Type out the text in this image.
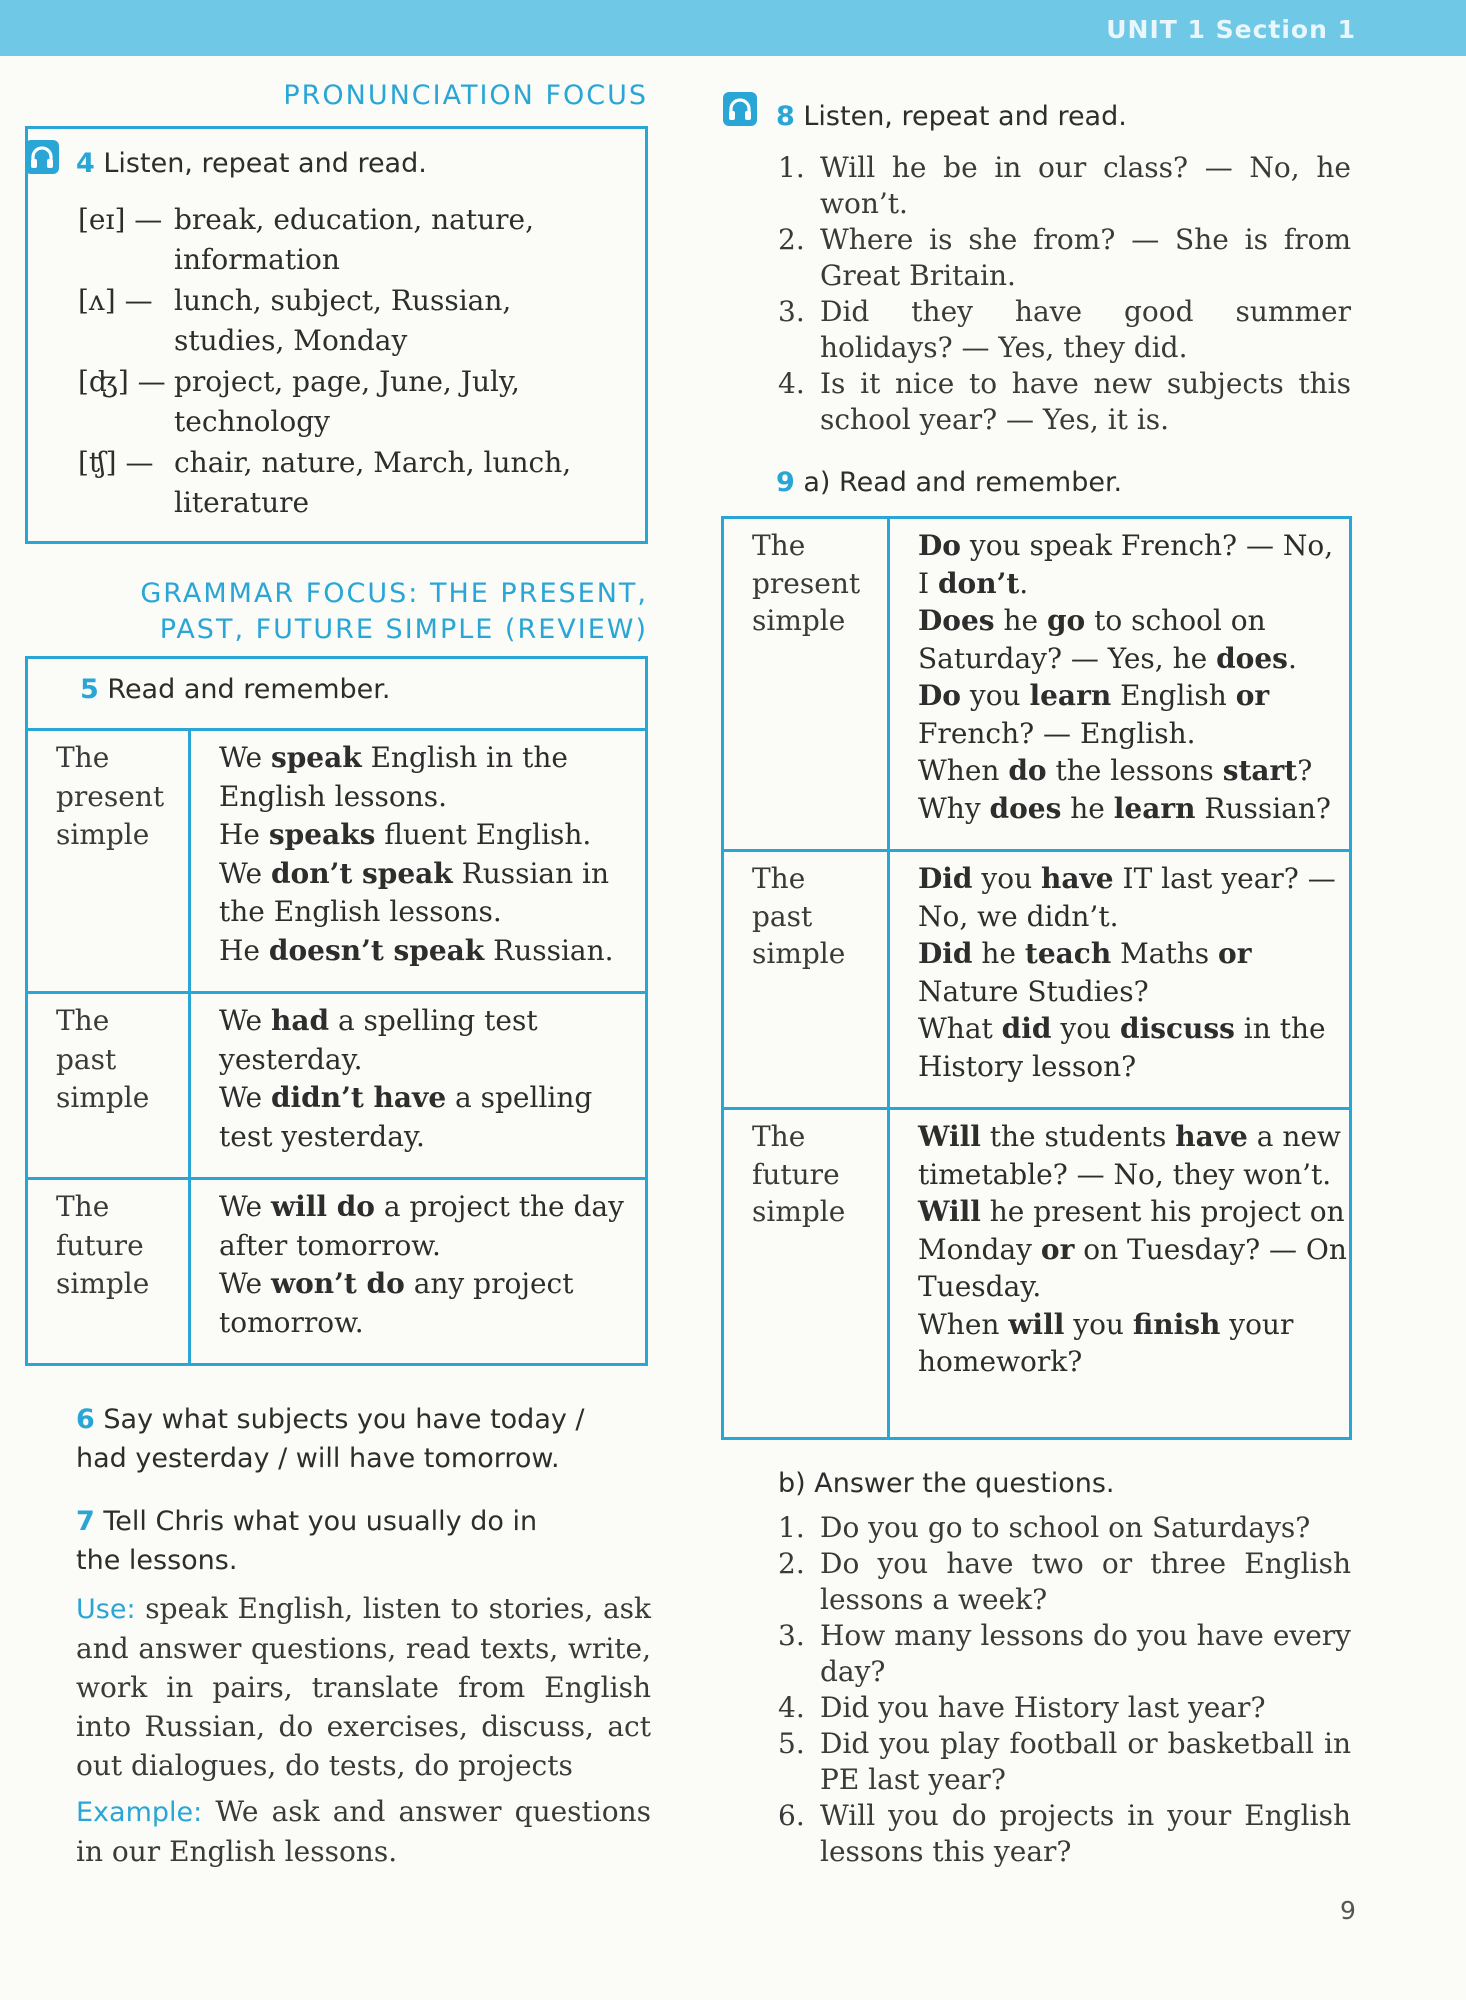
UNIT 1 Section 1
PRONUNCIATION FOCUS
4 Listen, repeat and read.
[eɪ] — break, education, nature, information
[ʌ] — lunch, subject, Russian, studies, Monday
[ʤ] — project, page, June, July, technology
[ʧ] — chair, nature, March, lunch, literature
GRAMMAR FOCUS: THE PRESENT,
PAST, FUTURE SIMPLE (REVIEW)
5 Read and remember.	
The
present
simple	We speak English in the English lessons.
He speaks fluent English.
We don’t speak Russian in the English lessons.
He doesn’t speak Russian.
The
past
simple	We had a spelling test yesterday.
We didn’t have a spelling test yesterday.
The
future
simple	We will do a project the day after tomorrow.
We won’t do any project tomorrow.
6 Say what subjects you have today / had yesterday / will have tomorrow.
7 Tell Chris what you usually do in the lessons.
Use: speak English, listen to stories, ask and answer questions, read texts, write, work in pairs, translate from English into Russian, do exercises, discuss, act out dialogues, do tests, do projects
Example: We ask and answer questions in our English lessons.
8 Listen, repeat and read.
1. Will he be in our class? — No, he won’t.
2. Where is she from? — She is from Great Britain.
3. Did they have good summer holidays? — Yes, they did.
4. Is it nice to have new subjects this school year? — Yes, it is.
9 a) Read and remember.
The
present
simple	Do you speak French? — No, I don’t.
Does he go to school on Saturday? — Yes, he does.
Do you learn English or French? — English.
When do the lessons start?
Why does he learn Russian?
The
past
simple	Did you have IT last year? — No, we didn’t.
Did he teach Maths or Nature Studies?
What did you discuss in the History lesson?
The
future
simple	Will the students have a new timetable? — No, they won’t.
Will he present his project on Monday or on Tuesday? — On Tuesday.
When will you finish your homework?
b) Answer the questions.
1. Do you go to school on Saturdays?
2. Do you have two or three English lessons a week?
3. How many lessons do you have every day?
4. Did you have History last year?
5. Did you play football or basketball in PE last year?
6. Will you do projects in your English lessons this year?
9
